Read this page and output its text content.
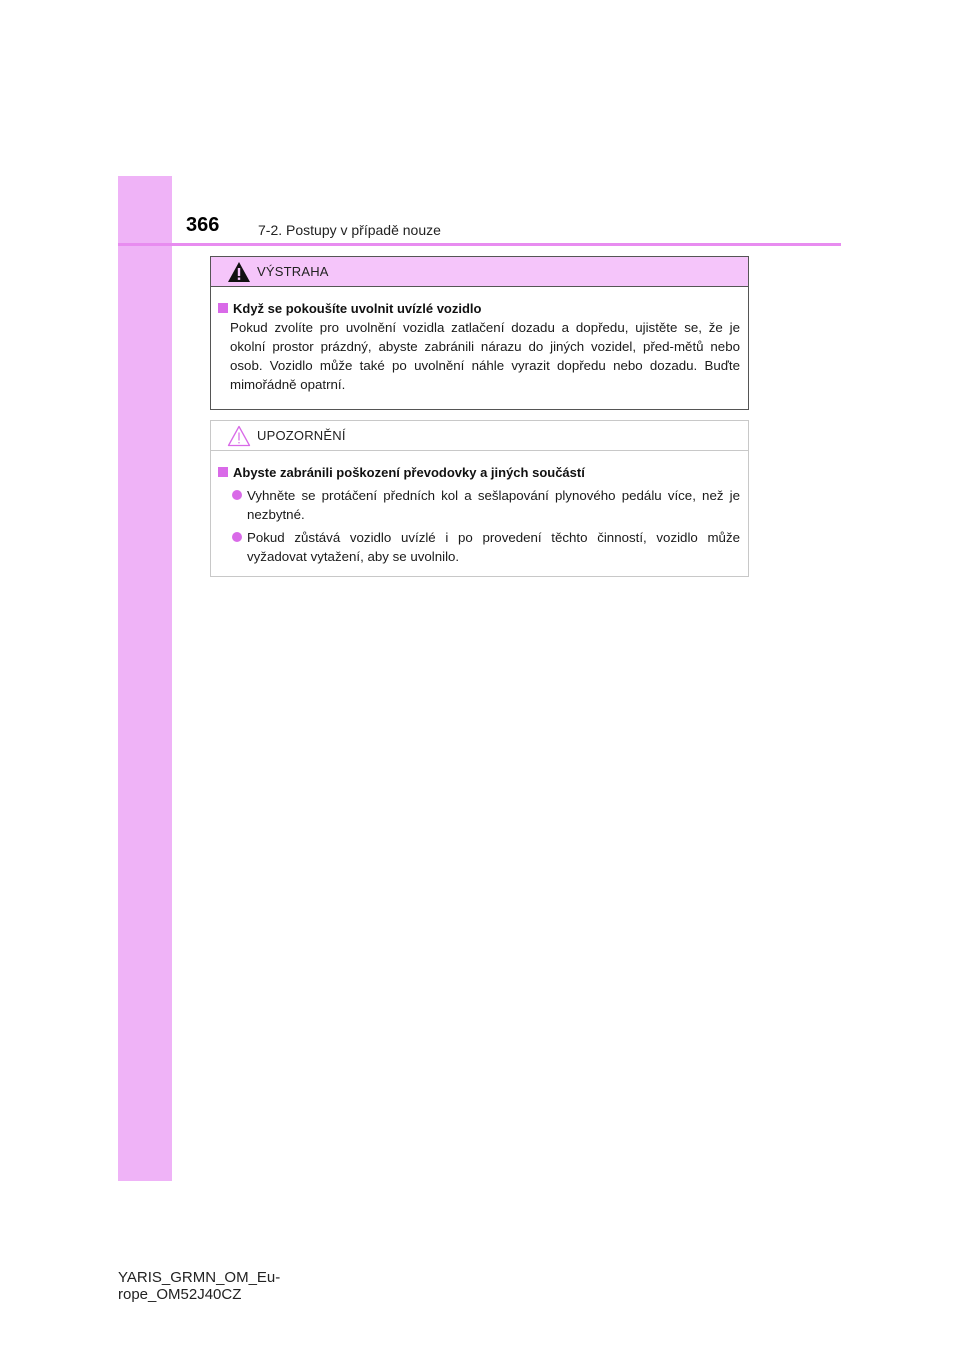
366	7-2. Postupy v případě nouze
VÝSTRAHA
Když se pokoušíte uvolnit uvízlé vozidlo
Pokud zvolíte pro uvolnění vozidla zatlačení dozadu a dopředu, ujistěte se, že je okolní prostor prázdný, abyste zabránili nárazu do jiných vozidel, před-mětů nebo osob. Vozidlo může také po uvolnění náhle vyrazit dopředu nebo dozadu. Buďte mimořádně opatrní.
UPOZORNĚNÍ
Abyste zabránili poškození převodovky a jiných součástí
Vyhněte se protáčení předních kol a sešlapování plynového pedálu více, než je nezbytné.
Pokud zůstává vozidlo uvízlé i po provedení těchto činností, vozidlo může vyžadovat vytažení, aby se uvolnilo.
YARIS_GRMN_OM_Eu-
rope_OM52J40CZ
